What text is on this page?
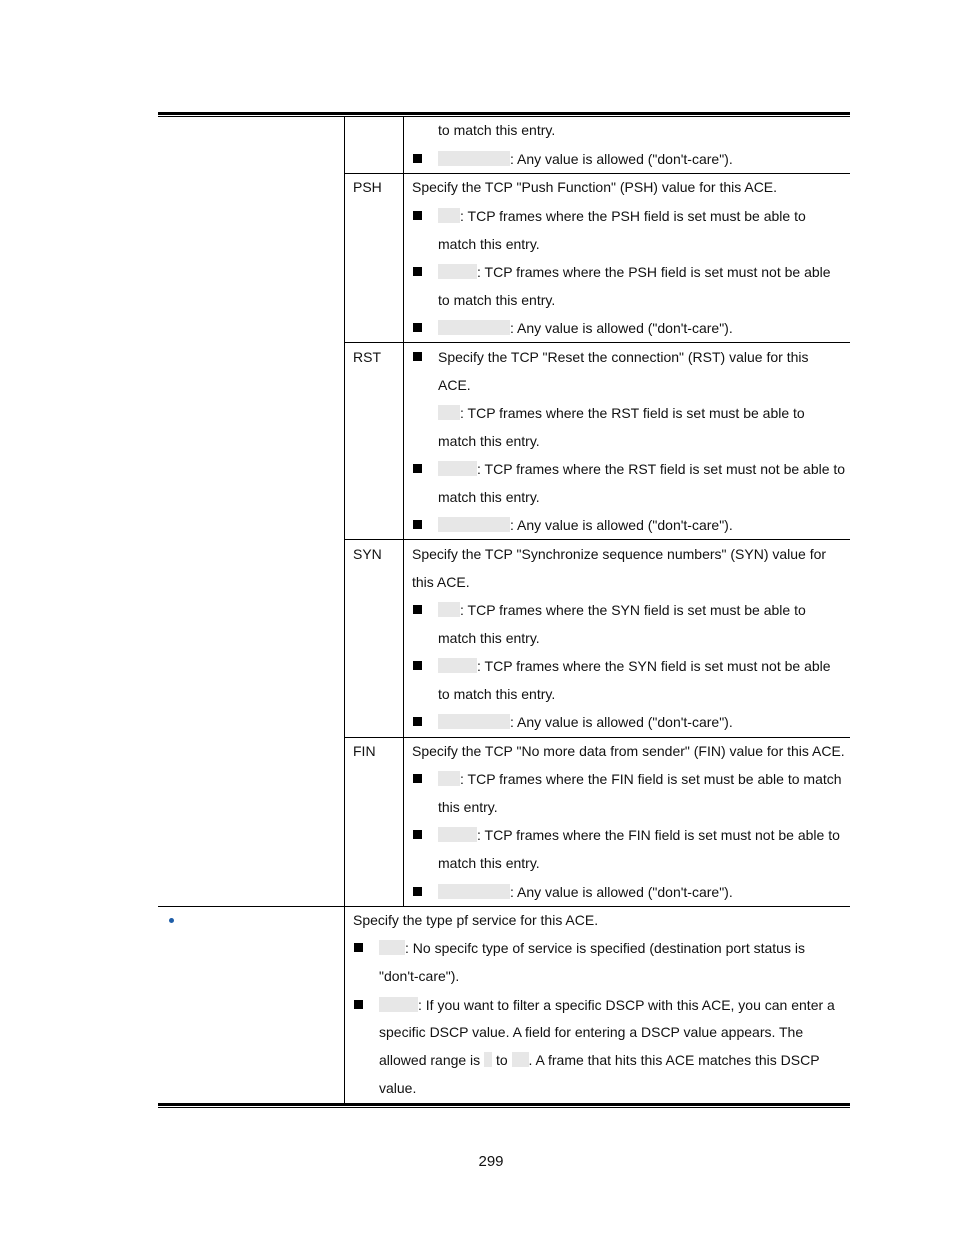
to match this entry.
: Any value is allowed ("don't-care").
PSH Specify the TCP "Push Function" (PSH) value for this ACE.
: TCP frames where the PSH field is set must be able to
match this entry.
: TCP frames where the PSH field is set must not be able
to match this entry.
: Any value is allowed ("don't-care").
RST	Specify the TCP "Reset the connection" (RST) value for this
ACE.
: TCP frames where the RST field is set must be able to
match this entry.
: TCP frames where the RST field is set must not be able to
match this entry.
: Any value is allowed ("don't-care").
SYN Specify the TCP "Synchronize sequence numbers" (SYN) value for
this ACE.
: TCP frames where the SYN field is set must be able to
match this entry.
: TCP frames where the SYN field is set must not be able
to match this entry.
: Any value is allowed ("don't-care").
FIN	Specify the TCP "No more data from sender" (FIN) value for this ACE.
: TCP frames where the FIN field is set must be able to match
this entry.
: TCP frames where the FIN field is set must not be able to
match this entry.
: Any value is allowed ("don't-care").
Specify the type pf service for this ACE.
: No specifc type of service is specified (destination port status is
"don't-care").
: If you want to filter a specific DSCP with this ACE, you can enter a
specific DSCP value. A field for entering a DSCP value appears. The
allowed range is  to . A frame that hits this ACE matches this DSCP
value.
299
